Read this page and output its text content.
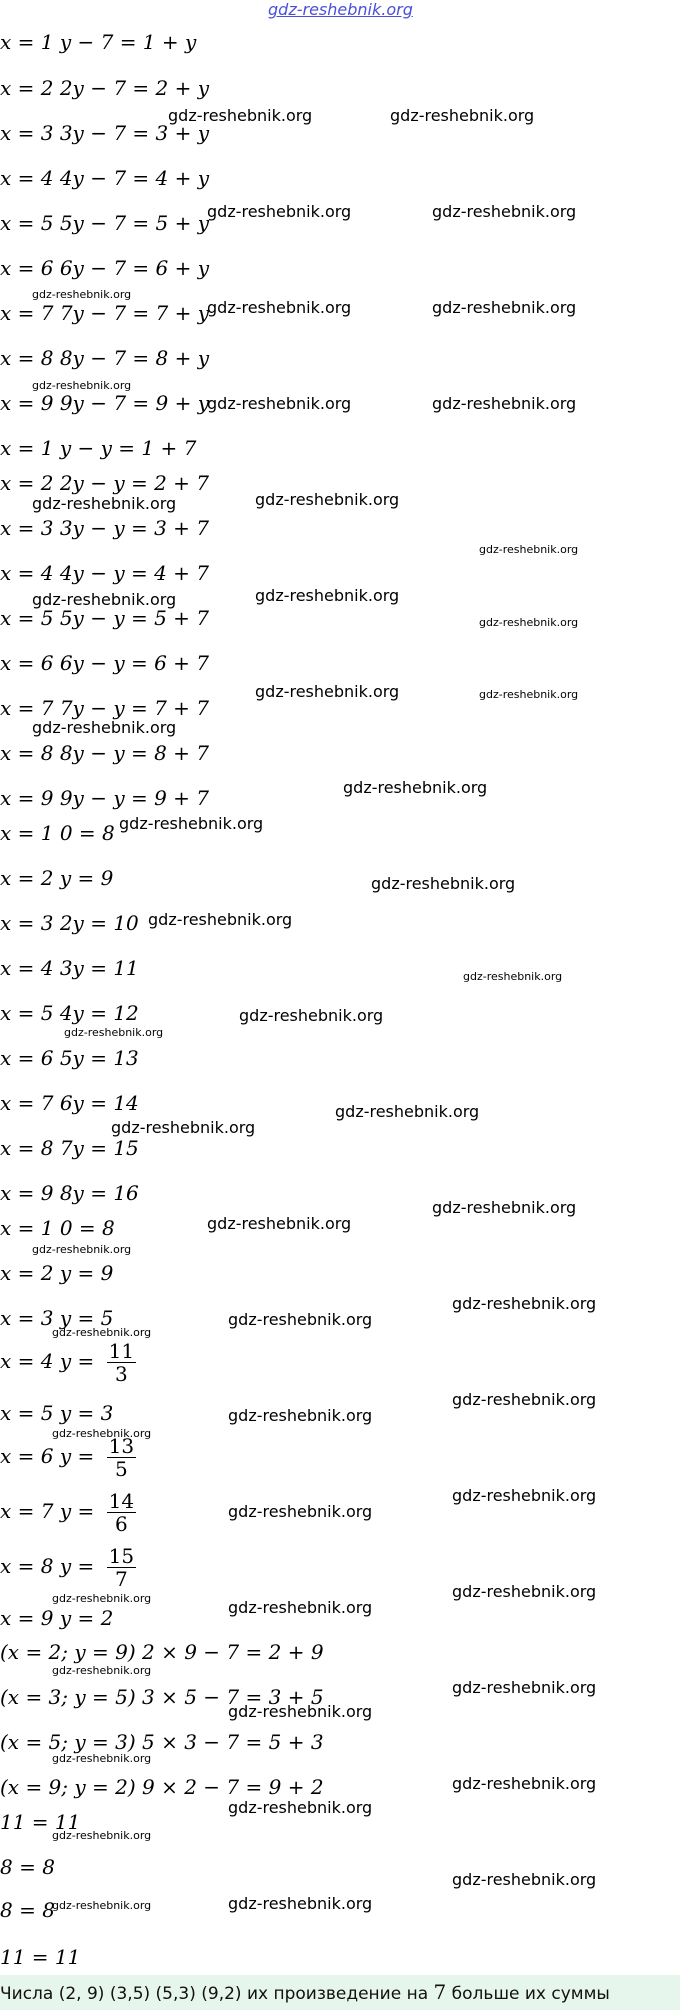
gdz-reshebnik.org
x = 1 y − 7 = 1 + y
x = 2 2y − 7 = 2 + y
x = 3 3y − 7 = 3 + y
x = 4 4y − 7 = 4 + y
x = 5 5y − 7 = 5 + y
x = 6 6y − 7 = 6 + y
x = 7 7y − 7 = 7 + y
x = 8 8y − 7 = 8 + y
x = 9 9y − 7 = 9 + y
x = 1 y − y = 1 + 7
x = 2 2y − y = 2 + 7
x = 3 3y − y = 3 + 7
x = 4 4y − y = 4 + 7
x = 5 5y − y = 5 + 7
x = 6 6y − y = 6 + 7
x = 7 7y − y = 7 + 7
x = 8 8y − y = 8 + 7
x = 9 9y − y = 9 + 7
x = 1 0 = 8
x = 2 y = 9
x = 3 2y = 10
x = 4 3y = 11
x = 5 4y = 12
x = 6 5y = 13
x = 7 6y = 14
x = 8 7y = 15
x = 9 8y = 16
x = 1 0 = 8
x = 2 y = 9
x = 3 y = 5
x = 4 $y = \frac{11}{3}$
x = 5 y = 3
x = 6 $y = \frac{13}{5}$
x = 7 $y = \frac{14}{6}$
x = 8 $y = \frac{15}{7}$
x = 9 y = 2
(x = 2; y = 9) 2 × 9 − 7 = 2 + 9
(x = 3; y = 5) 3 × 5 − 7 = 3 + 5
(x = 5; y = 3) 5 × 3 − 7 = 5 + 3
(x = 9; y = 2) 9 × 2 − 7 = 9 + 2
11 = 11
8 = 8
8 = 8
11 = 11
gdz-reshebnik.org	gdz-reshebnik.org
gdz-reshebnik.org	gdz-reshebnik.org
gdz-reshebnik.org	gdz-reshebnik.org
gdz-reshebnik.org	gdz-reshebnik.org
gdz-reshebnik.org
gdz-reshebnik.org
gdz-reshebnik.org
gdz-reshebnik.org
gdz-reshebnik.org
gdz-reshebnik.org
gdz-reshebnik.org
gdz-reshebnik.org
gdz-reshebnik.org
gdz-reshebnik.org
gdz-reshebnik.org
gdz-reshebnik.org
gdz-reshebnik.org
gdz-reshebnik.org
gdz-reshebnik.org
gdz-reshebnik.org
gdz-reshebnik.org
gdz-reshebnik.org
gdz-reshebnik.org
gdz-reshebnik.org
gdz-reshebnik.org
gdz-reshebnik.org
gdz-reshebnik.org
gdz-reshebnik.org
gdz-reshebnik.org
gdz-reshebnik.org
gdz-reshebnik.org
gdz-reshebnik.org
gdz-reshebnik.org
gdz-reshebnik.org
gdz-reshebnik.org
gdz-reshebnik.org
gdz-reshebnik.org
gdz-reshebnik.org
gdz-reshebnik.org
gdz-reshebnik.org
gdz-reshebnik.org
gdz-reshebnik.org
gdz-reshebnik.org
gdz-reshebnik.org
gdz-reshebnik.org
gdz-reshebnik.org
gdz-reshebnik.org
gdz-reshebnik.org
Числа (2, 9) (3,5) (5,3) (9,2) их произведение на 7 больше их суммы
